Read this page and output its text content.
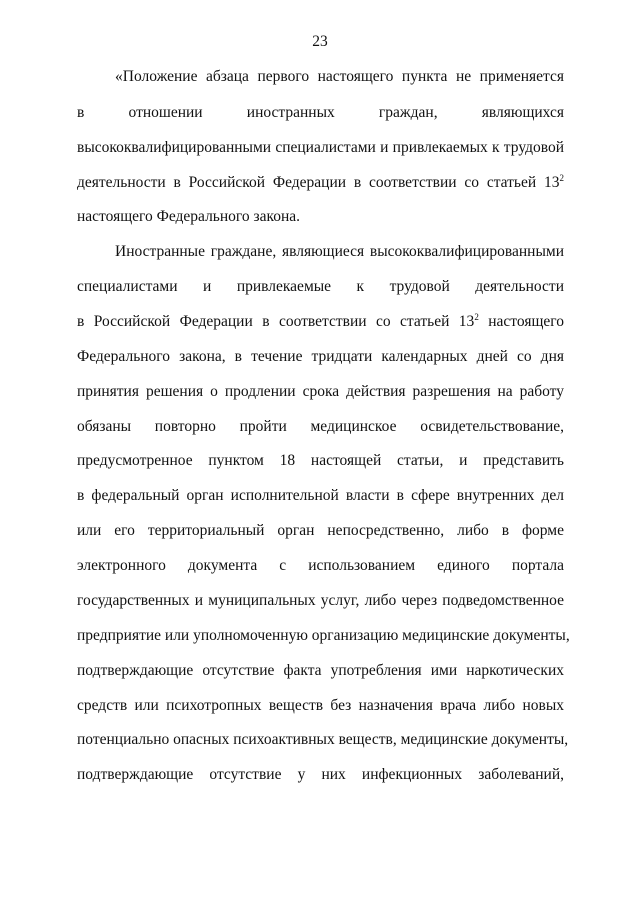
23
«Положение абзаца первого настоящего пункта не применяется
в отношении иностранных граждан, являющихся
высококвалифицированными специалистами и привлекаемых к трудовой
деятельности в Российской Федерации в соответствии со статьей $13^2$
настоящего Федерального закона.
Иностранные граждане, являющиеся высококвалифицированными
специалистами и привлекаемые к трудовой деятельности
в Российской Федерации в соответствии со статьей $13^2$ настоящего
Федерального закона, в течение тридцати календарных дней со дня
принятия решения о продлении срока действия разрешения на работу
обязаны повторно пройти медицинское освидетельствование,
предусмотренное пунктом 18 настоящей статьи, и представить
в федеральный орган исполнительной власти в сфере внутренних дел
или его территориальный орган непосредственно, либо в форме
электронного документа с использованием единого портала
государственных и муниципальных услуг, либо через подведомственное
предприятие или уполномоченную организацию медицинские документы,
подтверждающие отсутствие факта употребления ими наркотических
средств или психотропных веществ без назначения врача либо новых
потенциально опасных психоактивных веществ, медицинские документы,
подтверждающие отсутствие у них инфекционных заболеваний,
